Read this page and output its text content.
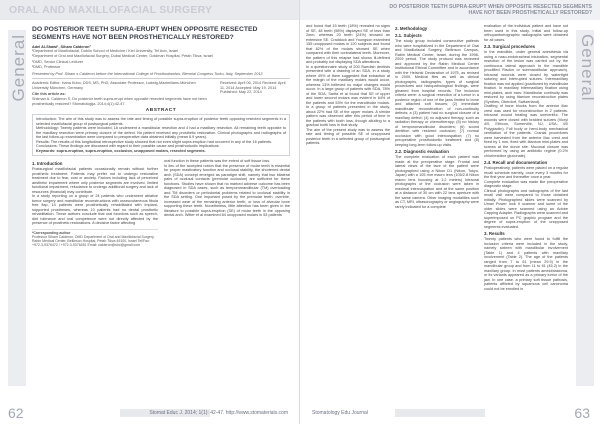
ORAL AND MAXILLOFACIAL SURGERY
General
DO POSTERIOR TEETH SUPRA-ERUPT WHEN OPPOSITE RESECTED SEGMENTS HAVE NOT BEEN PROSTHETICALLY RESTORED?
Adel Al-Shawi¹, Siham Calderon²
¹Department of Maxillofacial, Dublin School of Medicine / Kiel University, Tel Aviv, Israel
²Department of Oral and Maxillofacial Surgery, Dubai Medical Center, Goldman Hospital, Petah Tikva, Israel
¹DMD, Senior Clinical Lecturer
²DMD, Professor
Presented by Prof. Siham s Calderon before the International College of Prosthodontists, Biennial Congress Turku, Italy, September 2013
Academic Editor: Hana Kubo, DDS, MS, PhD, Associate Professor, Ludwig-Maximilians-München University München, Germany
Cite this article as:
Shilman A, Calderon S. Do posterior teeth supra-erupt when opposite resected segments have not been prosthetically restored? Stomatologija. 2014;4(1):42-47.
Received: April 06, 2014 Revised: April 11, 2014 Accepted: May 19, 2014 Published: May 22, 2014
ABSTRACT

Introduction: The aim of this study was to assess the rate and timing of possible supra-eruption of posterior teeth opposing resected segments in a selected maxillofacial group of postsurgical patients.

Methodology: Twenty patients were included; 16 underwent a mandibular resection and 4 had a maxillary resection. All remaining teeth opposite to the maxillary resection were primary closure of the defect. No patient received any prosthetic restoration. Clinical photographs and radiographs of the last follow-up examination were compared to preoperative data obtained initially (mean 6.9 years).

Results: The results of this longitudinal retrospective study showed that not even slight supra-eruption had occurred in any of the 16 patients.

Conclusions: These findings are discussed with regard to their possible cause and prosthodontic implications.

Keywords: supra-eruption, supra-eruption, occlusion, unopposed molars, resected segments.

1. Introduction

Postsurgical maxillofacial patients occasionally remain without further prosthetic treatment. Patients may prefer not to undergo restorative treatment due to fear, cost or anxiety. Factors including lack of perceived aesthetic impairment where only posterior segments are involved, limited functional impairment, reluctance to undergo additional surgery and lack of resources (financial) may contribute.

In a study reporting on a group of 24 patients who underwent ablative tumor surgery and mandibular reconstructions with osseocutaneous fibula free flap, 14 patients were prosthetically rehabilitated with implant-supported prostheses, whereas 10 patients had no dental prosthetic rehabilitation. These authors conclude that oral functions such as speech, diet tolerance and oral competence were not directly affected by the presence of prosthetic restorations. A decisive factor affecting

*Corresponding author
Professor Siham Calderon, DMD Department of Oral and Maxillofacial Surgery, Rabin Medical Center, Beilinson Hospital, Petah Tikva 49100, Israel Tel/Fax: +972-3-9376472 / +972-3-9376451 Email: calderon@shc@gmail.com

oral function in these patients was the extent of soft tissue loss.

In lieu of the accepted notion that the presence of molar teeth is essential for proper masticatory function and occlusal stability, the shortened dental arch (SDA) concept emerged as paradigm shift, namely that two bilateral pairs of occlusal contacts (premolar occlusion) are sufficient for these functions. Studies have shown that no marked adverse outcome has been diagnosed in SDA cases, such as temporomandibular (TM) overloading and TM disorders or periodontal problems related to occlusal stability in the SDA setting. One important posed by the premolar teeth, overbite, increased wear of the remaining anterior teeth, or loss of alveolar bone supporting these teeth. Nonetheless, little attention has been given in the literature to possible supra-eruption (SE) of molar teeth in the opposing dental arch. Witter et al examined 84 unopposed molars in 53 patients

62	Stomat Educ J. 2014; 1(1): 42-47. http://www.stomaterials.com
DO POSTERIOR TEETH SUPRA-ERUPT WHEN OPPOSITE RESECTED SEGMENTS HAVE NOT BEEN PROSTHETICALLY RESTORED?
General

and found that 15 teeth (18%) revealed no signs of SE, 48 teeth (58%) displayed SE of less than 2mm, whereas 20 teeth (24%) showed an extensive SE. Craddock and Youngson examined 155 unopposed molars in 120 subjects and found that 82% of the molars showed SE when compared with their contralateral teeth. Moreover, the pattern of this relapse had shown ill-defined and probably not displaying SDA alterations.

In a questionnaire study of 200 Swedish dentists presented with a drawing of an SDA, in a study where 49% of them suggested that extraction at the margin of the maxillary molars would occur, whereas 13% believed no major changes would occur. In a large group of patients with SDA, 78% of the SDA, Sarita et al found that SE of upper and lower second molars was evident in 64% of the patients and 53% for the mandibular molars. In a group of patients presented in the study, about 22% had SE of the upper molars. A similar pattern was observed after this period of time in the patients with tooth loss, though alluding to a gradual tooth loss in that study.

The aim of the present study was to assess the rate and timing of possible SE of unopposed posterior teeth in a selected group of postsurgical patients.

2. Methodology
2.1. Subjects

The study group included consecutive patients who were hospitalized in the Department of Oral and Maxillofacial Surgery, Beilinson Campus, Rabin Medical Center, Israel, during the 1998-2009 period. The study protocol was reviewed and approved by the Rabin Medical Center Institutional Ethical Committee and in accordance with the Helsinki Declaration of 1975, as revised in 2000. Medical files as well as clinical photographs, radiographs, types of surgical procedures and histopathological findings, were gleaned from hospital records. The inclusion criteria were: a surgical resection of a tumor in a posterior region of one of the jaws limited to bone and attached soft tissues; (2) immediate mandibular reconstruction of non-continuity defects; a (3) patient had no surgical closure of a maxillary defect; (4) no adjuvant therapy, such as radiation therapy or chemotherapy; (5) no history of temporomandibular disorders; (6) sound dentition with restored occlusion; (7) normal occlusion with good intercuspation; (7) no preoperative prosthodontic treatment and (8) keeping long-term follow-up visits.

2.2. Diagnostic evaluation

The complete evaluation of each patient was made at the preoperative stage. Frontal and lateral views of the face of the patient were photographed using a Nikon D1 (Nikon, Tokyo, Japan) with a 105 mm macro lens (105/2.8 Nikon macro lens focusing at 1:2 meters) Intraoral photographs of the occlusion were taken in maximal intercuspation and at the same position at a distance of 30 cm with 22 lens aperture with the same camera. Other imaging modalities such as CT, MRI, ultrasonography or angiography were rarely indicated for a complete

evaluation of the individual patient and have not been used in this study. Initial and follow-up orthopantomographic radiographs were obtained for all cases.

2.3. Surgical procedures

In the mandible, under general anesthesia via using a naso-endotracheal intubation, segmental resection of the lesion was carried out by the continuous lateral approach to the mandible (modified Risdon or submandibular approach). Intraoral wounds were closed by watertight suturing and interrupted sutures. Intermaxillary fixation was not applied (positioned by mandibular fixation. In maxillary intermaxillary fixation using mini-plates, arch bars: Mandibular continuity was restored by using titanium reconstruction plates (Synthes, Oberdorf, Switzerland).

Grafting of bone blocks from the anterior iliac crest was used for reconstruction in 2 patients. Intraoral wound healing was uneventful. The wounds were closed with braided sutures (Vicryl 4/0, Ethicon, Somerville, NJ, USA; 4/0 Polyglactin). Full body or hemi-body mechanical ventilation of the patients. Cranial procedures were harvested from the anterior iliac crest and fixed by 1 mm, fixed with titanium mini-plates and screws at the donor site. Mucosal closure was performed by using an antibiotic regime (0.2% chlorhexidine gluconate).

2.4. Recall and documentation

Postoperatively, patients were placed on a regular recall schedule namely, once every 3 months for the first year and thereafter once a year.

Complete evaluation was made like preoperative diagnostic stage.

Clinical photographs and radiographs of the last recall visit were compared to those obtained initially. Photographed slides were scanned by Umax Power look II scanner and some of the older slides were scanned using an Adobe Capping Adapter. Radiographs were scanned and superimposed on PC graphic program and the degree of supra-eruption of the unopposed segments evaluated.

3. Results

Twenty patients who were found to fulfill the inclusion criteria were included in the study, namely sixteen with mandibular involvement (Table 1) and 4 patients with maxillary involvement (Table 2). The age of the patients ranged from 7 to 61 (mean 29.9) in the mandibular group and from 11 to 61 (45.2) in the maxillary group. In most patients ameloblastoma, or its variants appeared as a primary tumor of the jaw. In one case, a primary soft tissue pathosis, patients afflicted by squamous cell carcinoma could not be enrolled in

Stomatology Edu Journal	63
